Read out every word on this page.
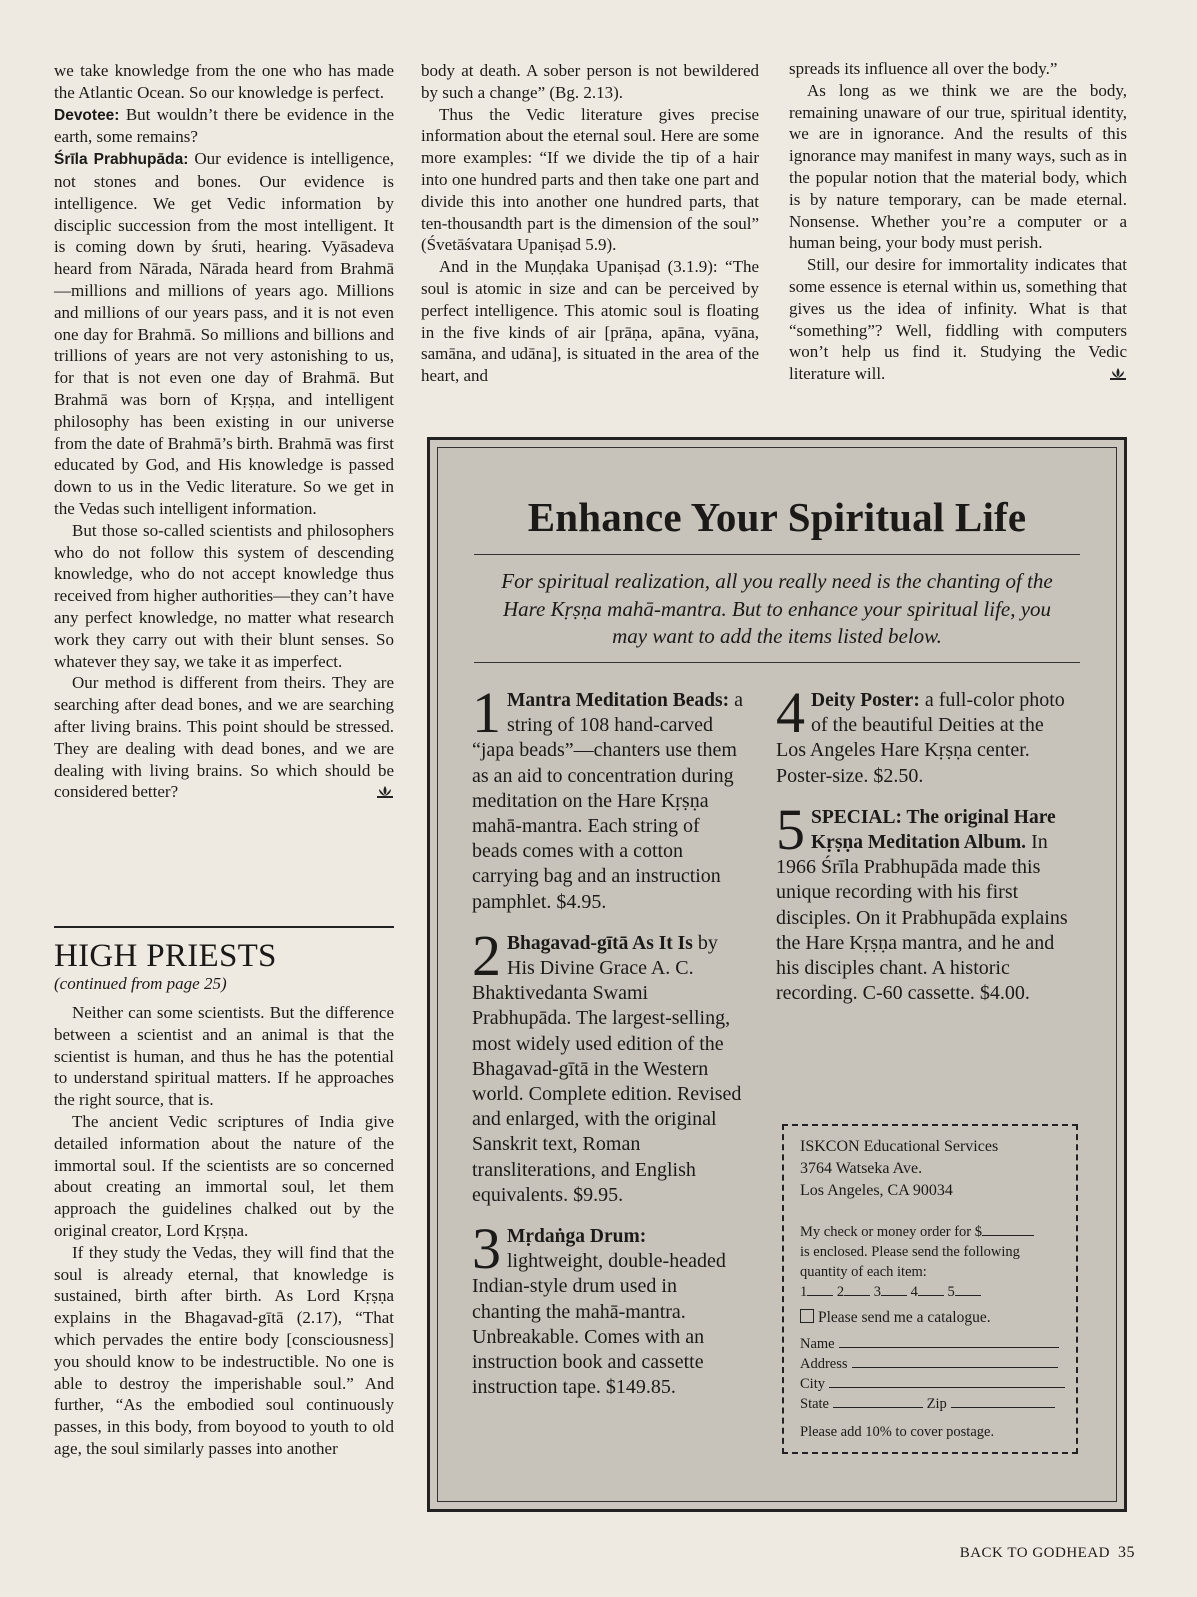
we take knowledge from the one who has made the Atlantic Ocean. So our knowledge is perfect.

Devotee: But wouldn’t there be evidence in the earth, some remains?

Śrīla Prabhupāda: Our evidence is intelligence, not stones and bones. Our evidence is intelligence. We get Vedic information by disciplic succession from the most intelligent. It is coming down by śruti, hearing. Vyāsadeva heard from Nārada, Nārada heard from Brahmā—millions and millions of years ago. Millions and millions of our years pass, and it is not even one day for Brahmā. So millions and billions and trillions of years are not very astonishing to us, for that is not even one day of Brahmā. But Brahmā was born of Kṛṣṇa, and intelligent philosophy has been existing in our universe from the date of Brahmā’s birth. Brahmā was first educated by God, and His knowledge is passed down to us in the Vedic literature. So we get in the Vedas such intelligent information.

But those so-called scientists and philosophers who do not follow this system of descending knowledge, who do not accept knowledge thus received from higher authorities—they can’t have any perfect knowledge, no matter what research work they carry out with their blunt senses. So whatever they say, we take it as imperfect.

Our method is different from theirs. They are searching after dead bones, and we are searching after living brains. This point should be stressed. They are dealing with dead bones, and we are dealing with living brains. So which should be considered better?

HIGH PRIESTS
(continued from page 25)

Neither can some scientists. But the difference between a scientist and an animal is that the scientist is human, and thus he has the potential to understand spiritual matters. If he approaches the right source, that is.

The ancient Vedic scriptures of India give detailed information about the nature of the immortal soul. If the scientists are so concerned about creating an immortal soul, let them approach the guidelines chalked out by the original creator, Lord Kṛṣṇa.

If they study the Vedas, they will find that the soul is already eternal, that knowledge is sustained, birth after birth. As Lord Kṛṣṇa explains in the Bhagavad-gītā (2.17), “That which pervades the entire body [consciousness] you should know to be indestructible. No one is able to destroy the imperishable soul.” And further, “As the embodied soul continuously passes, in this body, from boyood to youth to old age, the soul similarly passes into another

body at death. A sober person is not bewildered by such a change” (Bg. 2.13).

Thus the Vedic literature gives precise information about the eternal soul. Here are some more examples: “If we divide the tip of a hair into one hundred parts and then take one part and divide this into another one hundred parts, that ten-thousandth part is the dimension of the soul” (Śvetāśvatara Upaniṣad 5.9).

And in the Muṇḍaka Upaniṣad (3.1.9): “The soul is atomic in size and can be perceived by perfect intelligence. This atomic soul is floating in the five kinds of air [prāṇa, apāna, vyāna, samāna, and udāna], is situated in the area of the heart, and

spreads its influence all over the body.”

As long as we think we are the body, remaining unaware of our true, spiritual identity, we are in ignorance. And the results of this ignorance may manifest in many ways, such as in the popular notion that the material body, which is by nature temporary, can be made eternal. Nonsense. Whether you’re a computer or a human being, your body must perish.

Still, our desire for immortality indicates that some essence is eternal within us, something that gives us the idea of infinity. What is that “something”? Well, fiddling with computers won’t help us find it. Studying the Vedic literature will.

Enhance Your Spiritual Life
For spiritual realization, all you really need is the chanting of the Hare Kṛṣṇa mahā-mantra. But to enhance your spiritual life, you may want to add the items listed below.
1 Mantra Meditation Beads: a string of 108 hand-carved “japa beads”—chanters use them as an aid to concentration during meditation on the Hare Kṛṣṇa mahā-mantra. Each string of beads comes with a cotton carrying bag and an instruction pamphlet. $4.95.
2 Bhagavad-gītā As It Is by His Divine Grace A. C. Bhaktivedanta Swami Prabhupāda. The largest-selling, most widely used edition of the Bhagavad-gītā in the Western world. Complete edition. Revised and enlarged, with the original Sanskrit text, Roman transliterations, and English equivalents. $9.95.
3 Mṛdaṅga Drum: lightweight, double-headed Indian-style drum used in chanting the mahā-mantra. Unbreakable. Comes with an instruction book and cassette instruction tape. $149.85.
4 Deity Poster: a full-color photo of the beautiful Deities at the Los Angeles Hare Kṛṣṇa center. Poster-size. $2.50.
5 SPECIAL: The original Hare Kṛṣṇa Meditation Album. In 1966 Śrīla Prabhupāda made this unique recording with his first disciples. On it Prabhupāda explains the Hare Kṛṣṇa mantra, and he and his disciples chant. A historic recording. C-60 cassette. $4.00.
ISKCON Educational Services
3764 Watseka Ave.
Los Angeles, CA 90034
My check or money order for $
is enclosed. Please send the following quantity of each item:
1 2 3 4 5
Please send me a catalogue.
Name
Address
City
State	Zip
Please add 10% to cover postage.
BACK TO GODHEAD 35
